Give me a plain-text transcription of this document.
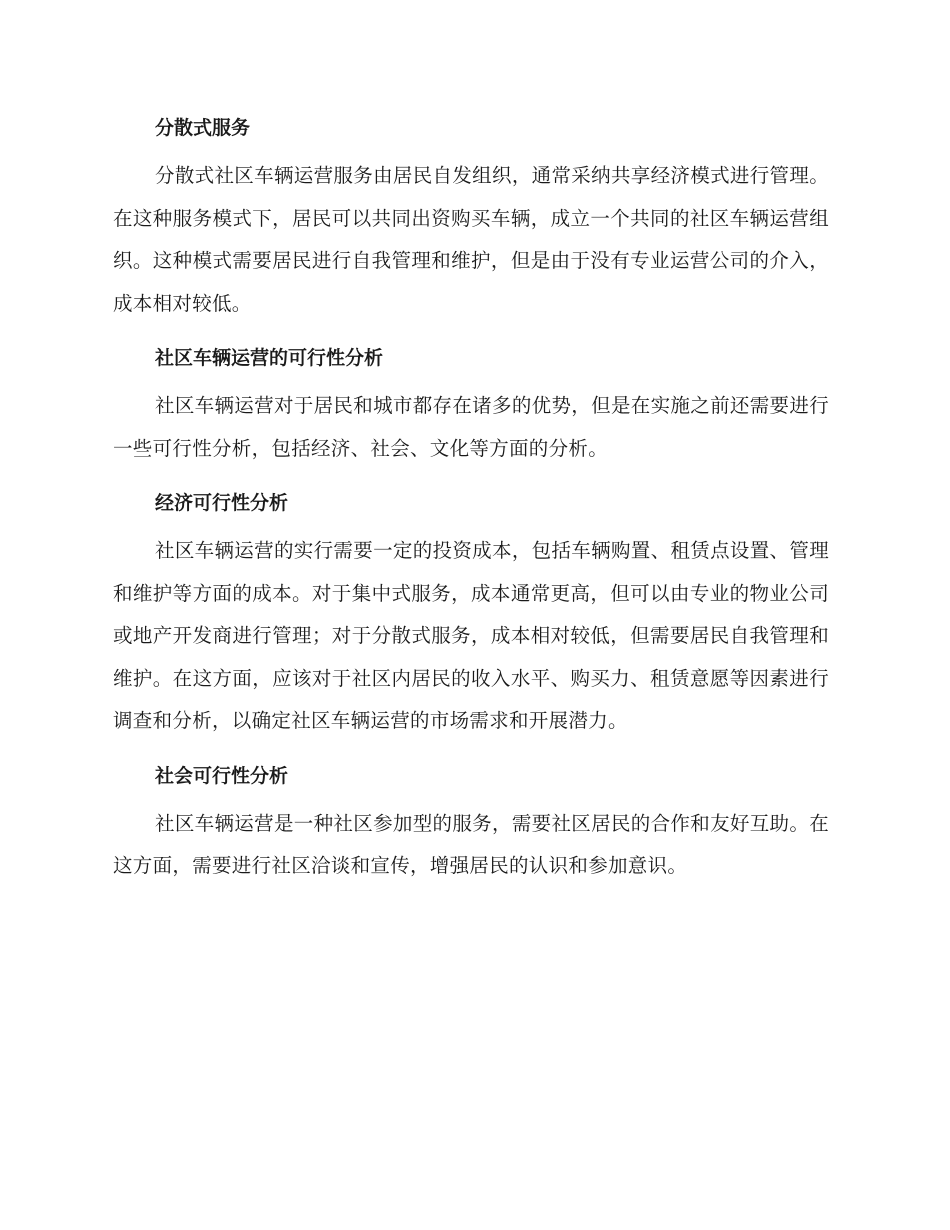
分散式服务

分散式社区车辆运营服务由居民自发组织，通常采纳共享经济模式进行管理。在这种服务模式下，居民可以共同出资购买车辆，成立一个共同的社区车辆运营组织。这种模式需要居民进行自我管理和维护，但是由于没有专业运营公司的介入，成本相对较低。

社区车辆运营的可行性分析

社区车辆运营对于居民和城市都存在诸多的优势，但是在实施之前还需要进行一些可行性分析，包括经济、社会、文化等方面的分析。

经济可行性分析

社区车辆运营的实行需要一定的投资成本，包括车辆购置、租赁点设置、管理和维护等方面的成本。对于集中式服务，成本通常更高，但可以由专业的物业公司或地产开发商进行管理；对于分散式服务，成本相对较低，但需要居民自我管理和维护。在这方面，应该对于社区内居民的收入水平、购买力、租赁意愿等因素进行调查和分析，以确定社区车辆运营的市场需求和开展潜力。

社会可行性分析

社区车辆运营是一种社区参加型的服务，需要社区居民的合作和友好互助。在这方面，需要进行社区洽谈和宣传，增强居民的认识和参加意识。
